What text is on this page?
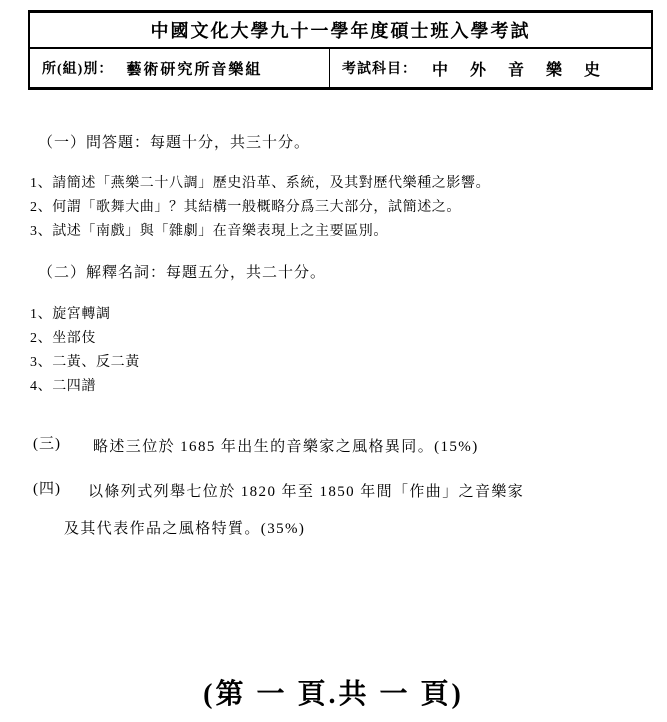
中國文化大學九十一學年度碩士班入學考試
所(組)別： 藝術研究所音樂組	考試科目： 中 外 音 樂 史
（一）問答題：每題十分，共三十分。
1、請簡述「燕樂二十八調」歷史沿革、系統，及其對歷代樂種之影響。
2、何謂「歌舞大曲」？其結構一般概略分爲三大部分，試簡述之。
3、試述「南戲」與「雜劇」在音樂表現上之主要區別。
（二）解釋名詞：每題五分，共二十分。
1、旋宮轉調
2、坐部伎
3、二黃、反二黃
4、二四譜
(三) 略述三位於 1685 年出生的音樂家之風格異同。(15%)
(四) 以條列式列舉七位於 1820 年至 1850 年間「作曲」之音樂家
及其代表作品之風格特質。(35%)
(第 一 頁.共 一 頁)
